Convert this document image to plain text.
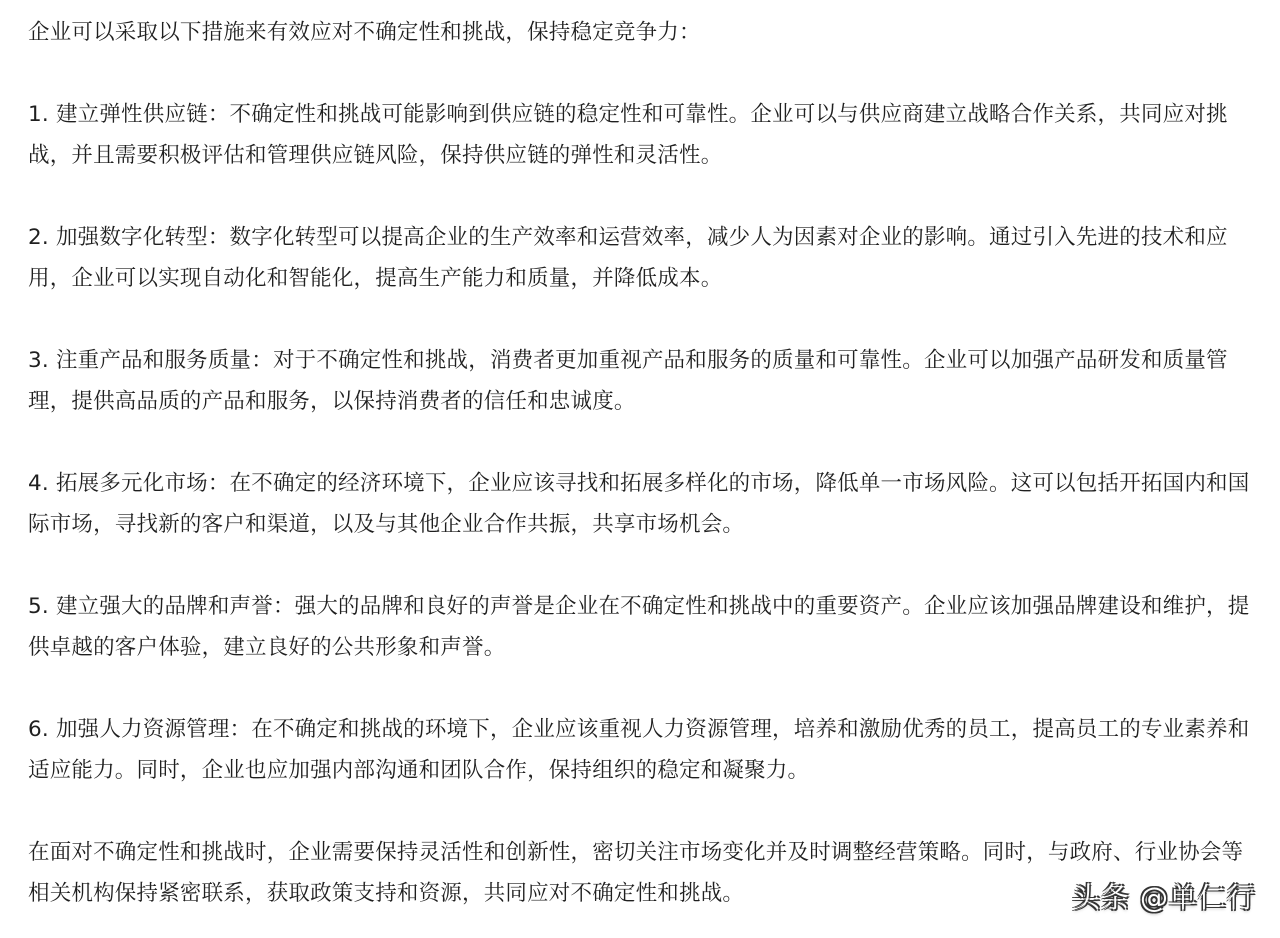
企业可以采取以下措施来有效应对不确定性和挑战，保持稳定竞争力：

1. 建立弹性供应链：不确定性和挑战可能影响到供应链的稳定性和可靠性。企业可以与供应商建立战略合作关系，共同应对挑战，并且需要积极评估和管理供应链风险，保持供应链的弹性和灵活性。

2. 加强数字化转型：数字化转型可以提高企业的生产效率和运营效率，减少人为因素对企业的影响。通过引入先进的技术和应用，企业可以实现自动化和智能化，提高生产能力和质量，并降低成本。

3. 注重产品和服务质量：对于不确定性和挑战，消费者更加重视产品和服务的质量和可靠性。企业可以加强产品研发和质量管理，提供高品质的产品和服务，以保持消费者的信任和忠诚度。

4. 拓展多元化市场：在不确定的经济环境下，企业应该寻找和拓展多样化的市场，降低单一市场风险。这可以包括开拓国内和国际市场，寻找新的客户和渠道，以及与其他企业合作共振，共享市场机会。

5. 建立强大的品牌和声誉：强大的品牌和良好的声誉是企业在不确定性和挑战中的重要资产。企业应该加强品牌建设和维护，提供卓越的客户体验，建立良好的公共形象和声誉。

6. 加强人力资源管理：在不确定和挑战的环境下，企业应该重视人力资源管理，培养和激励优秀的员工，提高员工的专业素养和适应能力。同时，企业也应加强内部沟通和团队合作，保持组织的稳定和凝聚力。

在面对不确定性和挑战时，企业需要保持灵活性和创新性，密切关注市场变化并及时调整经营策略。同时，与政府、行业协会等相关机构保持紧密联系，获取政策支持和资源，共同应对不确定性和挑战。	头条 @单仁行
